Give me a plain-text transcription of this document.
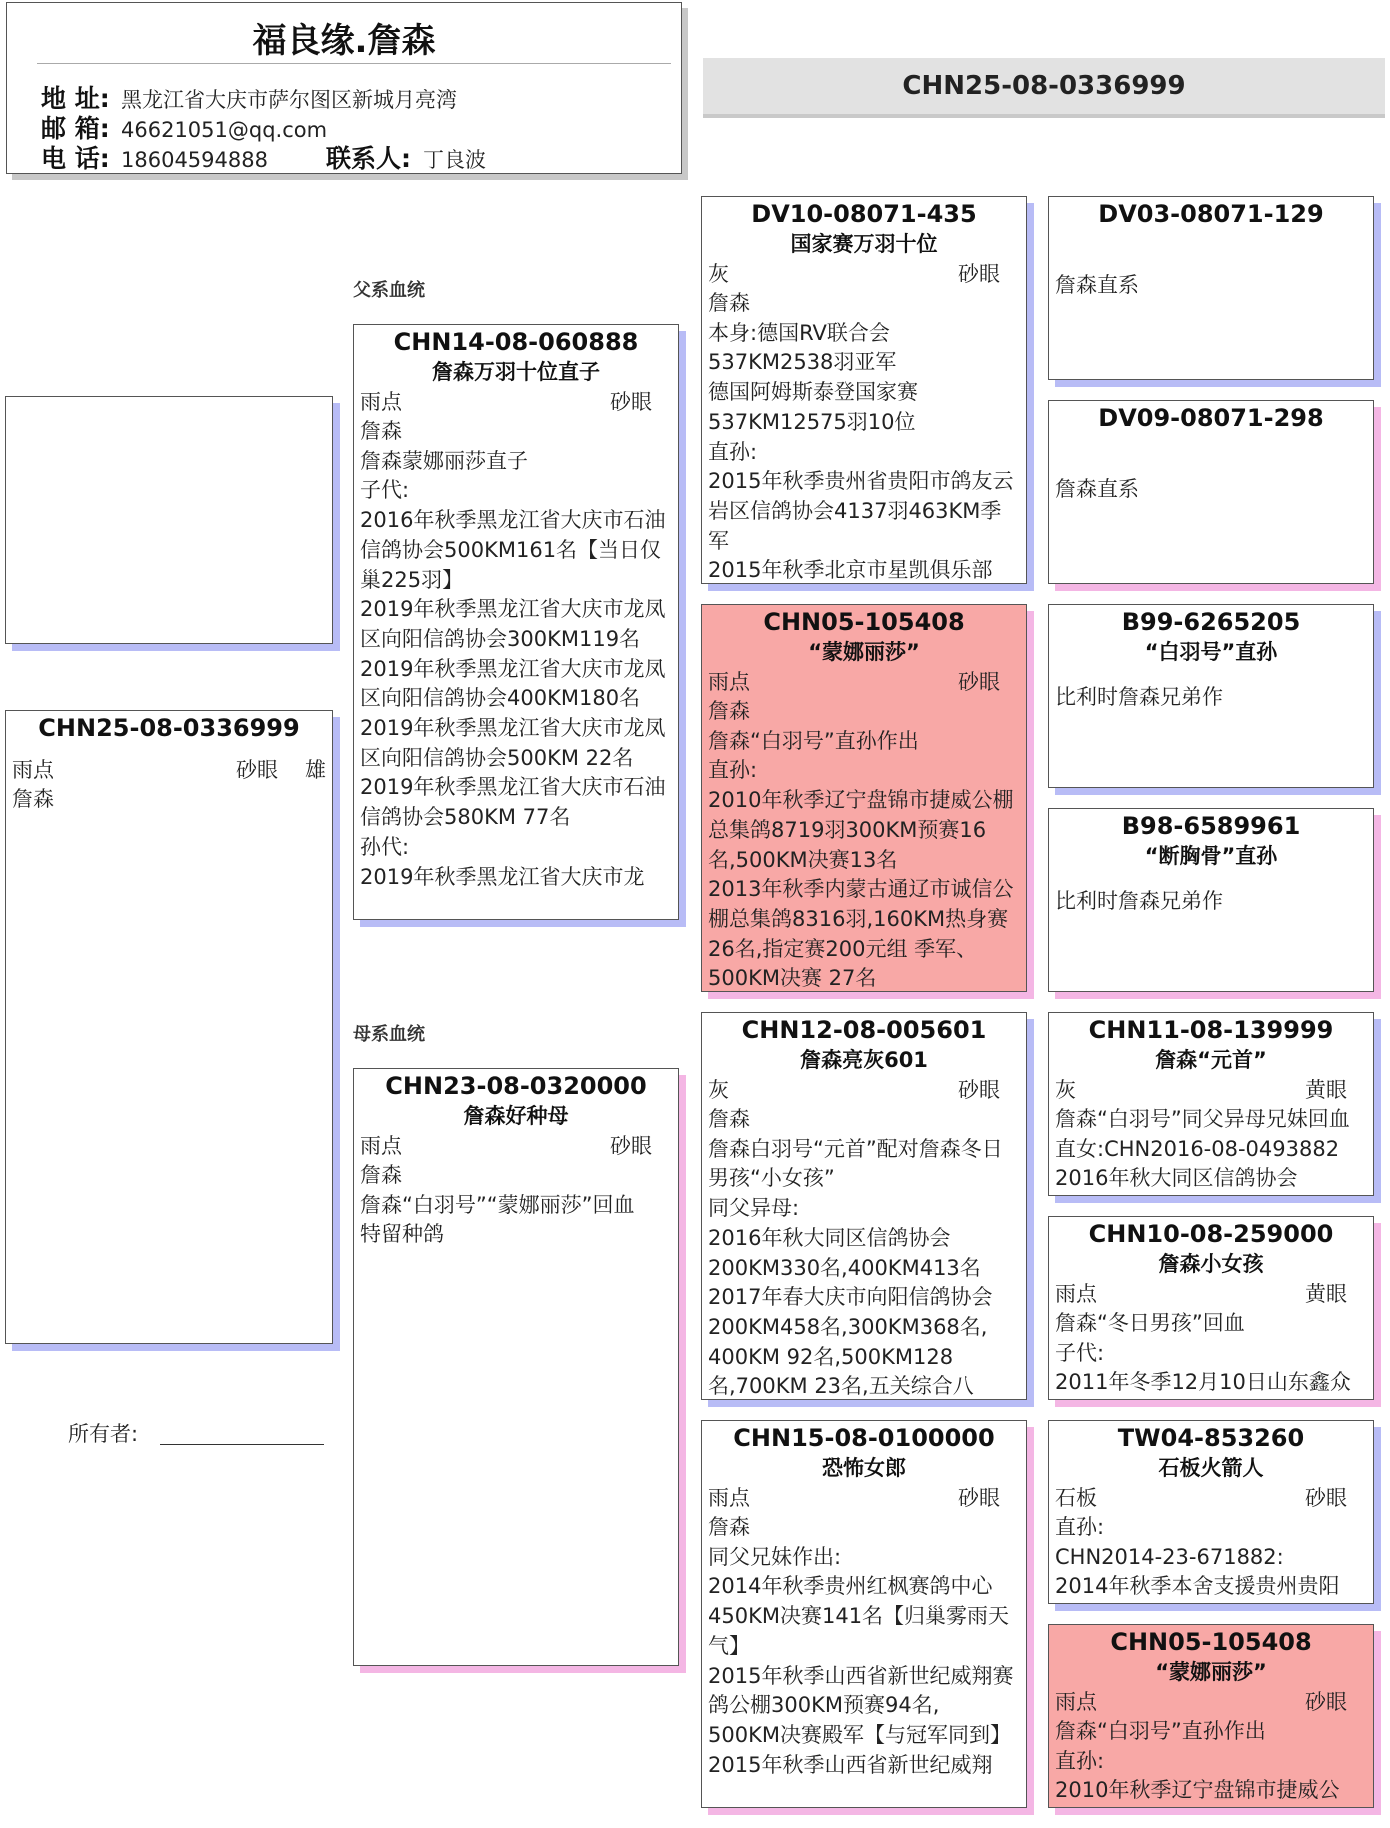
福良缘.詹森
地 址: 黑龙江省大庆市萨尔图区新城月亮湾
邮 箱: 46621051@qq.com
电 话: 18604594888 联系人: 丁良波
CHN25-08-0336999
父系血统
母系血统
CHN25-08-0336999
雨点	砂眼 雄
詹森
所有者:
CHN14-08-060888
詹森万羽十位直子
雨点	砂眼
詹森
詹森蒙娜丽莎直子
子代:
2016年秋季黑龙江省大庆市石油信鸽协会500KM161名【当日仅巢225羽】
2019年秋季黑龙江省大庆市龙凤区向阳信鸽协会300KM119名
2019年秋季黑龙江省大庆市龙凤区向阳信鸽协会400KM180名
2019年秋季黑龙江省大庆市龙凤区向阳信鸽协会500KM 22名
2019年秋季黑龙江省大庆市石油信鸽协会580KM 77名
孙代:
2019年秋季黑龙江省大庆市龙
CHN23-08-0320000
詹森好种母
雨点	砂眼
詹森
詹森“白羽号”“蒙娜丽莎”回血
特留种鸽
DV10-08071-435
国家赛万羽十位
灰	砂眼
詹森
本身:德国RV联合会
537KM2538羽亚军
德国阿姆斯泰登国家赛
537KM12575羽10位
直孙:
2015年秋季贵州省贵阳市鸽友云岩区信鸽协会4137羽463KM季军
2015年秋季北京市星凯俱乐部
CHN05-105408
“蒙娜丽莎”
雨点	砂眼
詹森
詹森“白羽号”直孙作出
直孙:
2010年秋季辽宁盘锦市捷威公棚总集鸽8719羽300KM预赛16名,500KM决赛13名
2013年秋季内蒙古通辽市诚信公棚总集鸽8316羽,160KM热身赛26名,指定赛200元组 季军、500KM决赛 27名
CHN12-08-005601
詹森亮灰601
灰	砂眼
詹森
詹森白羽号“元首”配对詹森冬日男孩“小女孩”
同父异母:
2016年秋大同区信鸽协会
200KM330名,400KM413名
2017年春大庆市向阳信鸽协会
200KM458名,300KM368名,
400KM 92名,500KM128
名,700KM 23名,五关综合八
CHN15-08-0100000
恐怖女郎
雨点	砂眼
詹森
同父兄妹作出:
2014年秋季贵州红枫赛鸽中心
450KM决赛141名【归巢雾雨天气】
2015年秋季山西省新世纪威翔赛鸽公棚300KM预赛94名,
500KM决赛殿军【与冠军同到】
2015年秋季山西省新世纪威翔
DV03-08071-129
詹森直系
DV09-08071-298
詹森直系
B99-6265205
“白羽号”直孙
比利时詹森兄弟作
B98-6589961
“断胸骨”直孙
比利时詹森兄弟作
CHN11-08-139999
詹森“元首”
灰	黄眼
詹森“白羽号”同父异母兄妹回血
直女:CHN2016-08-0493882
2016年秋大同区信鸽协会
CHN10-08-259000
詹森小女孩
雨点	黄眼
詹森“冬日男孩”回血
子代:
2011年冬季12月10日山东鑫众
TW04-853260
石板火箭人
石板	砂眼
直孙:
CHN2014-23-671882:
2014年秋季本舍支援贵州贵阳
CHN05-105408
“蒙娜丽莎”
雨点	砂眼
詹森“白羽号”直孙作出
直孙:
2010年秋季辽宁盘锦市捷威公
